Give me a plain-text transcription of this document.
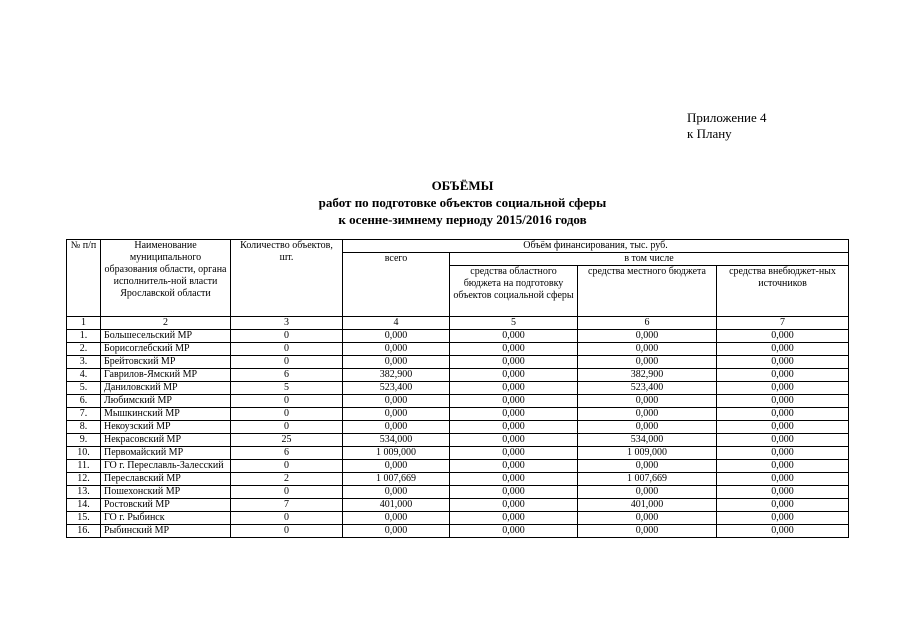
Приложение 4
к Плану
ОБЪЁМЫ
работ по подготовке объектов социальной сферы
к осенне-зимнему периоду 2015/2016 годов
№ п/п	Наименование муниципального образования области, органа исполнитель-ной власти Ярославской области	Количество объектов, шт.	Объём финансирования, тыс. руб.			
			всего	в том числе		
				средства областного бюджета на подготовку объектов социальной сферы	средства местного бюджета	средства внебюджет-ных источников
1	2	3	4	5	6	7
1.	Большесельский МР	0	0,000	0,000	0,000	0,000
2.	Борисоглебский МР	0	0,000	0,000	0,000	0,000
3.	Брейтовский МР	0	0,000	0,000	0,000	0,000
4.	Гаврилов-Ямский МР	6	382,900	0,000	382,900	0,000
5.	Даниловский МР	5	523,400	0,000	523,400	0,000
6.	Любимский МР	0	0,000	0,000	0,000	0,000
7.	Мышкинский МР	0	0,000	0,000	0,000	0,000
8.	Некоузский МР	0	0,000	0,000	0,000	0,000
9.	Некрасовский МР	25	534,000	0,000	534,000	0,000
10.	Первомайский МР	6	1 009,000	0,000	1 009,000	0,000
11.	ГО г. Переславль-Залесский	0	0,000	0,000	0,000	0,000
12.	Переславский МР	2	1 007,669	0,000	1 007,669	0,000
13.	Пошехонский МР	0	0,000	0,000	0,000	0,000
14.	Ростовский МР	7	401,000	0,000	401,000	0,000
15.	ГО г. Рыбинск	0	0,000	0,000	0,000	0,000
16.	Рыбинский МР	0	0,000	0,000	0,000	0,000
